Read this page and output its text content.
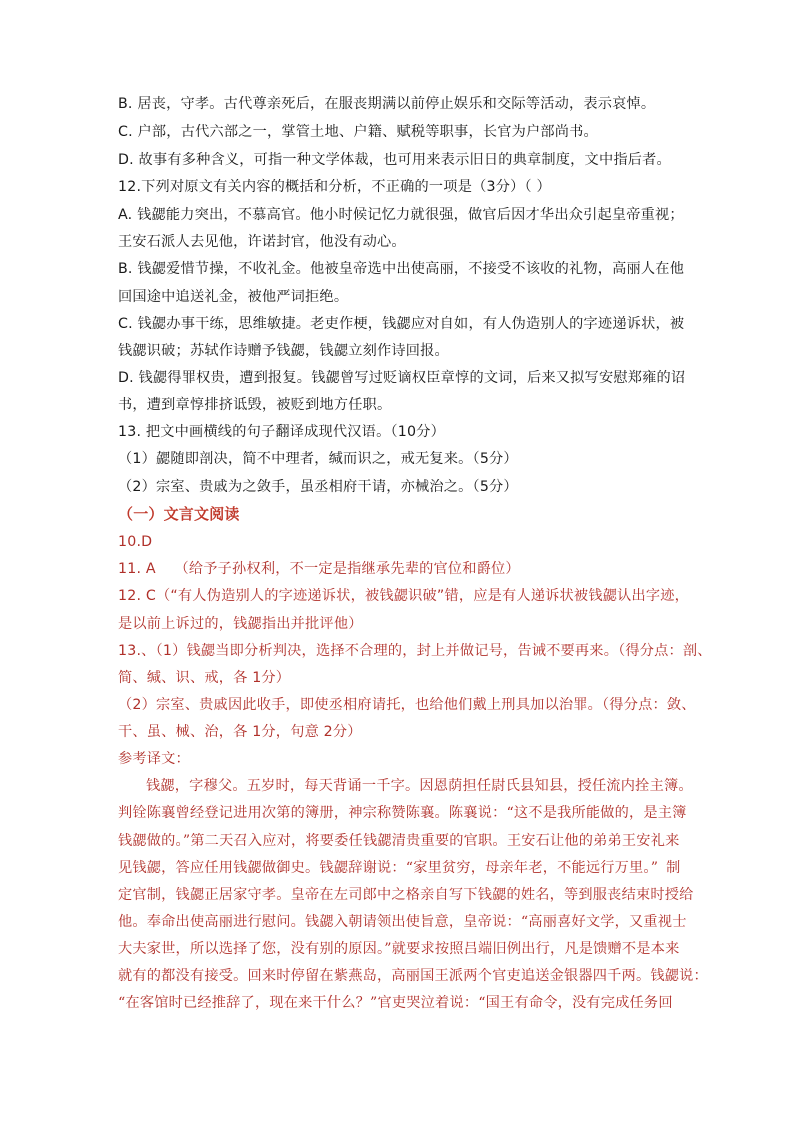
B. 居丧，守孝。古代尊亲死后，在服丧期满以前停止娱乐和交际等活动，表示哀悼。
C. 户部，古代六部之一，掌管土地、户籍、赋税等职事，长官为户部尚书。
D. 故事有多种含义，可指一种文学体裁，也可用来表示旧日的典章制度，文中指后者。
12.下列对原文有关内容的概括和分析，不正确的一项是（3分）（ ）
A. 钱勰能力突出，不慕高官。他小时候记忆力就很强，做官后因才华出众引起皇帝重视；
王安石派人去见他，许诺封官，他没有动心。
B. 钱勰爱惜节操，不收礼金。他被皇帝选中出使高丽，不接受不该收的礼物，高丽人在他
回国途中追送礼金，被他严词拒绝。
C. 钱勰办事干练，思维敏捷。老吏作梗，钱勰应对自如，有人伪造别人的字迹递诉状，被
钱勰识破；苏轼作诗赠予钱勰，钱勰立刻作诗回报。
D. 钱勰得罪权贵，遭到报复。钱勰曾写过贬谪权臣章惇的文词，后来又拟写安慰郑雍的诏
书，遭到章惇排挤诋毁，被贬到地方任职。
13. 把文中画横线的句子翻译成现代汉语。（10分）
（1）勰随即剖决，简不中理者，缄而识之，戒无复来。（5分）
（2）宗室、贵戚为之敛手，虽丞相府干请，亦械治之。（5分）
（一）文言文阅读
10.D
11. A （给予子孙权利，不一定是指继承先辈的官位和爵位）
12. C（“有人伪造别人的字迹递诉状，被钱勰识破”错，应是有人递诉状被钱勰认出字迹，
是以前上诉过的，钱勰指出并批评他）
13.、（1）钱勰当即分析判决，选择不合理的，封上并做记号，告诫不要再来。（得分点：剖、
简、缄、识、戒，各 1分）
（2）宗室、贵戚因此收手，即使丞相府请托，也给他们戴上刑具加以治罪。（得分点：敛、
干、虽、械、治，各 1分，句意 2分）
参考译文：
钱勰，字穆父。五岁时，每天背诵一千字。因恩荫担任尉氏县知县，授任流内拴主簿。
判铨陈襄曾经登记进用次第的簿册，神宗称赞陈襄。陈襄说：“这不是我所能做的，是主簿
钱勰做的。”第二天召入应对，将要委任钱勰清贵重要的官职。王安石让他的弟弟王安礼来
见钱勰，答应任用钱勰做御史。钱勰辞谢说：“家里贫穷，母亲年老，不能远行万里。” 制
定官制，钱勰正居家守孝。皇帝在左司郎中之格亲自写下钱勰的姓名，等到服丧结束时授给
他。奉命出使高丽进行慰问。钱勰入朝请领出使旨意，皇帝说：“高丽喜好文学，又重视士
大夫家世，所以选择了您，没有别的原因。”就要求按照吕端旧例出行，凡是馈赠不是本来
就有的都没有接受。回来时停留在紫燕岛，高丽国王派两个官吏追送金银器四千两。钱勰说：
“在客馆时已经推辞了，现在来干什么？”官吏哭泣着说：“国王有命令，没有完成任务回
